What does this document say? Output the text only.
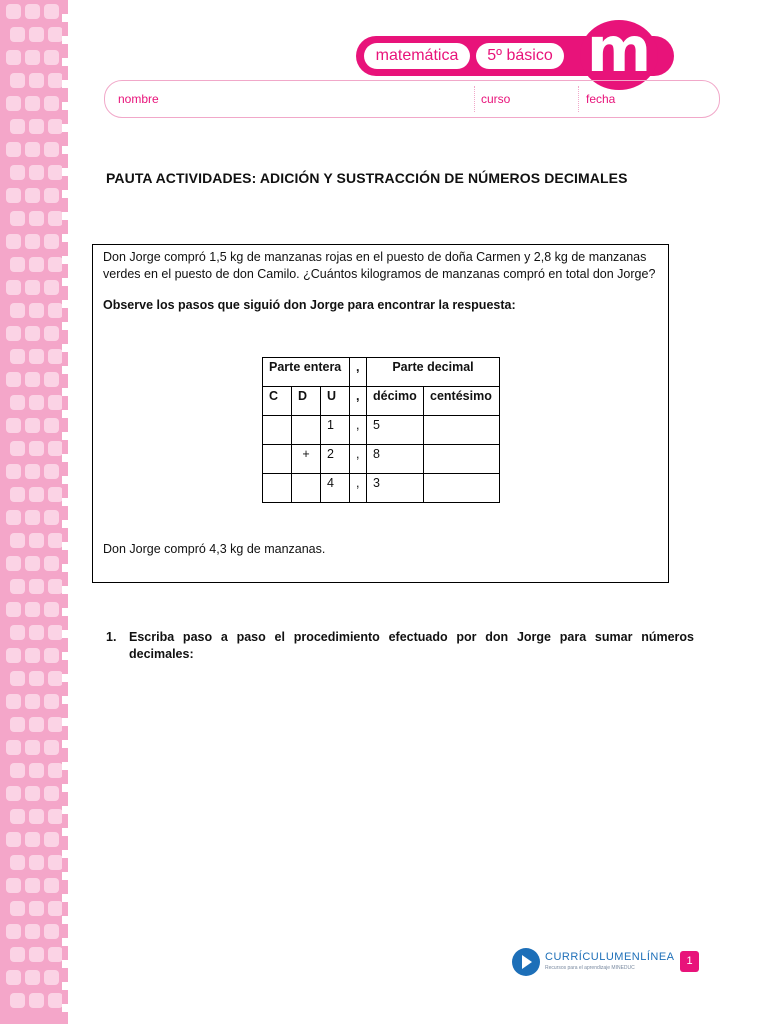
matemática	5º básico m
nombre	curso	fecha
PAUTA ACTIVIDADES: ADICIÓN Y SUSTRACCIÓN DE NÚMEROS DECIMALES
Don Jorge compró 1,5 kg de manzanas rojas en el puesto de doña Carmen y 2,8 kg de manzanas
verdes en el puesto de don Camilo. ¿Cuántos kilogramos de manzanas compró en total don Jorge?
Observe los pasos que siguió don Jorge para encontrar la respuesta:
Parte entera			,	Parte decimal	
C	D	U	,	décimo	centésimo
		1	,	5	
	+	2	,	8	
		4	,	3	
Don Jorge compró 4,3 kg de manzanas.
1. Escriba paso a paso el procedimiento efectuado por don Jorge para sumar números decimales:
CURRÍCULUMENLÍNEA
Recursos para el aprendizaje MINEDUC
1
